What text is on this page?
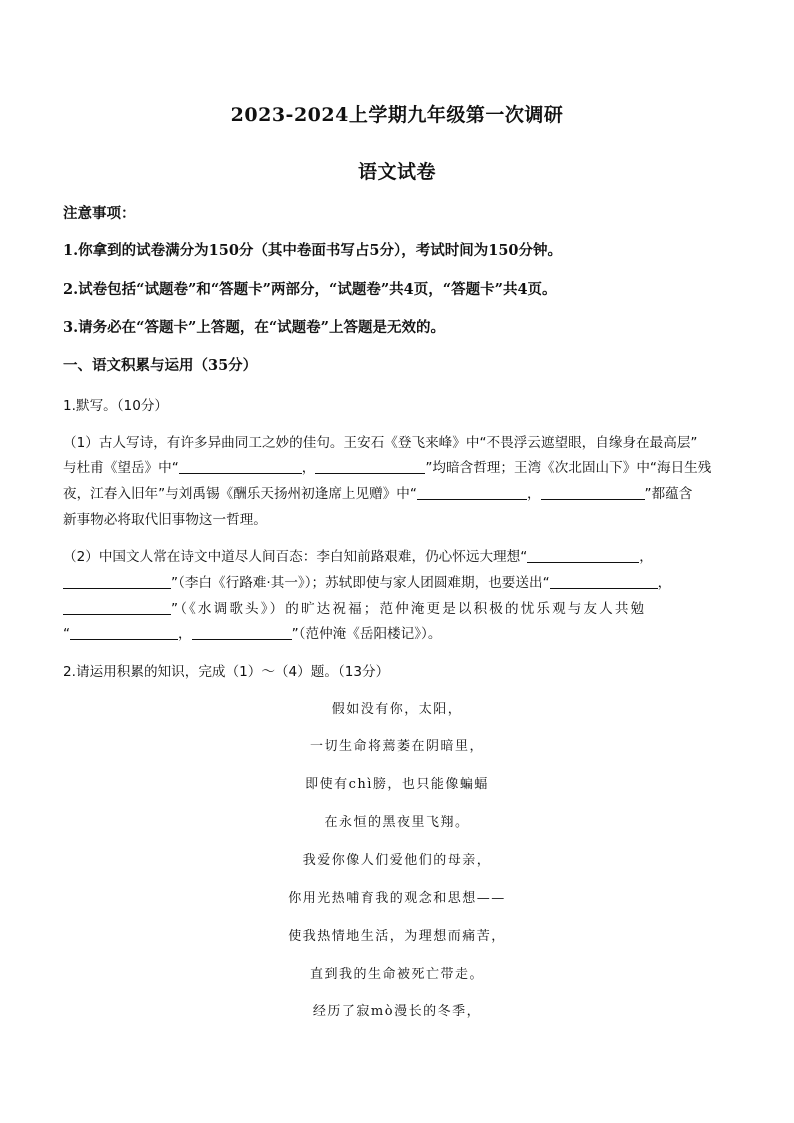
2023-2024上学期九年级第一次调研
语文试卷
注意事项：
1.你拿到的试卷满分为150分（其中卷面书写占5分），考试时间为150分钟。
2.试卷包括“试题卷”和“答题卡”两部分，“试题卷”共4页，“答题卡”共4页。
3.请务必在“答题卡”上答题，在“试题卷”上答题是无效的。
一、语文积累与运用（35分）
1.默写。（10分）
（1）古人写诗，有许多异曲同工之妙的佳句。王安石《登飞来峰》中“不畏浮云遮望眼，自缘身在最高层”
与杜甫《望岳》中“	，	”均暗含哲理；王湾《次北固山下》中“海日生残
夜，江春入旧年”与刘禹锡《酬乐天扬州初逢席上见赠》中“	，	”都蕴含
新事物必将取代旧事物这一哲理。
（2）中国文人常在诗文中道尽人间百态：李白知前路艰难，仍心怀远大理想“	，
”（李白《行路难·其一》）；苏轼即使与家人团圆难期，也要送出“	，
”（《水调歌头》）的旷达祝福；范仲淹更是以积极的忧乐观与友人共勉
“	，	”（范仲淹《岳阳楼记》）。
2.请运用积累的知识，完成（1）～（4）题。（13分）
假如没有你，太阳，
一切生命将蔫萎在阴暗里，
即使有chì膀，也只能像蝙蝠
在永恒的黑夜里飞翔。
我爱你像人们爱他们的母亲，
你用光热哺育我的观念和思想——
使我热情地生活，为理想而痛苦，
直到我的生命被死亡带走。
经历了寂mò漫长的冬季，
